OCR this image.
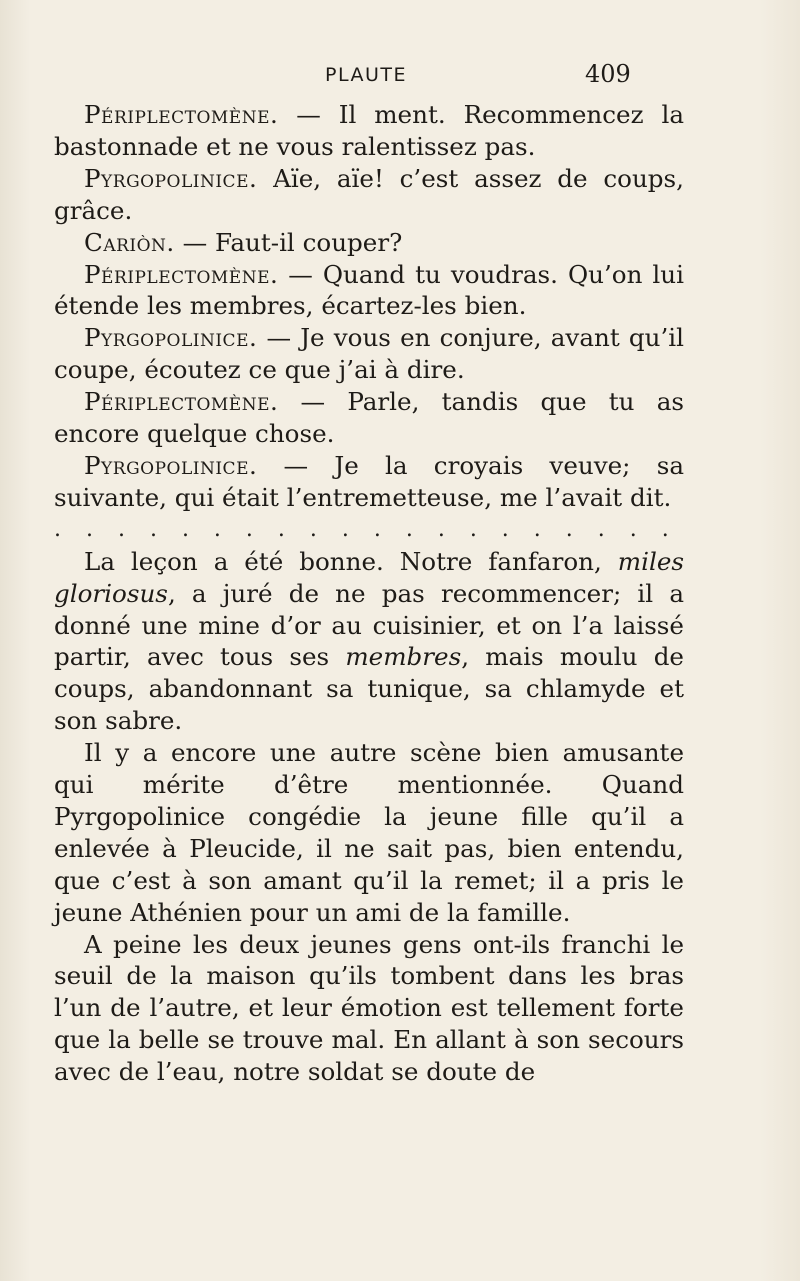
PLAUTE	409

Périplectomène. — Il ment. Recommencez la bastonnade et ne vous ralentissez pas.

Pyrgopolinice. Aïe, aïe! c’est assez de coups, grâce.

Cariòn. — Faut-il couper?

Périplectomène. — Quand tu voudras. Qu’on lui étende les membres, écartez-les bien.

Pyrgopolinice. — Je vous en conjure, avant qu’il coupe, écoutez ce que j’ai à dire.

Périplectomène. — Parle, tandis que tu as encore quelque chose.

Pyrgopolinice. — Je la croyais veuve; sa suivante, qui était l’entremetteuse, me l’avait dit.

. . . . . . . . . . . . . . . . . . . .

La leçon a été bonne. Notre fanfaron, miles gloriosus, a juré de ne pas recommencer; il a donné une mine d’or au cuisinier, et on l’a laissé partir, avec tous ses membres, mais moulu de coups, abandonnant sa tunique, sa chlamyde et son sabre.

Il y a encore une autre scène bien amusante qui mérite d’être mentionnée. Quand Pyrgopolinice congédie la jeune fille qu’il a enlevée à Pleucide, il ne sait pas, bien entendu, que c’est à son amant qu’il la remet; il a pris le jeune Athénien pour un ami de la famille.

A peine les deux jeunes gens ont-ils franchi le seuil de la maison qu’ils tombent dans les bras l’un de l’autre, et leur émotion est tellement forte que la belle se trouve mal. En allant à son secours avec de l’eau, notre soldat se doute de
